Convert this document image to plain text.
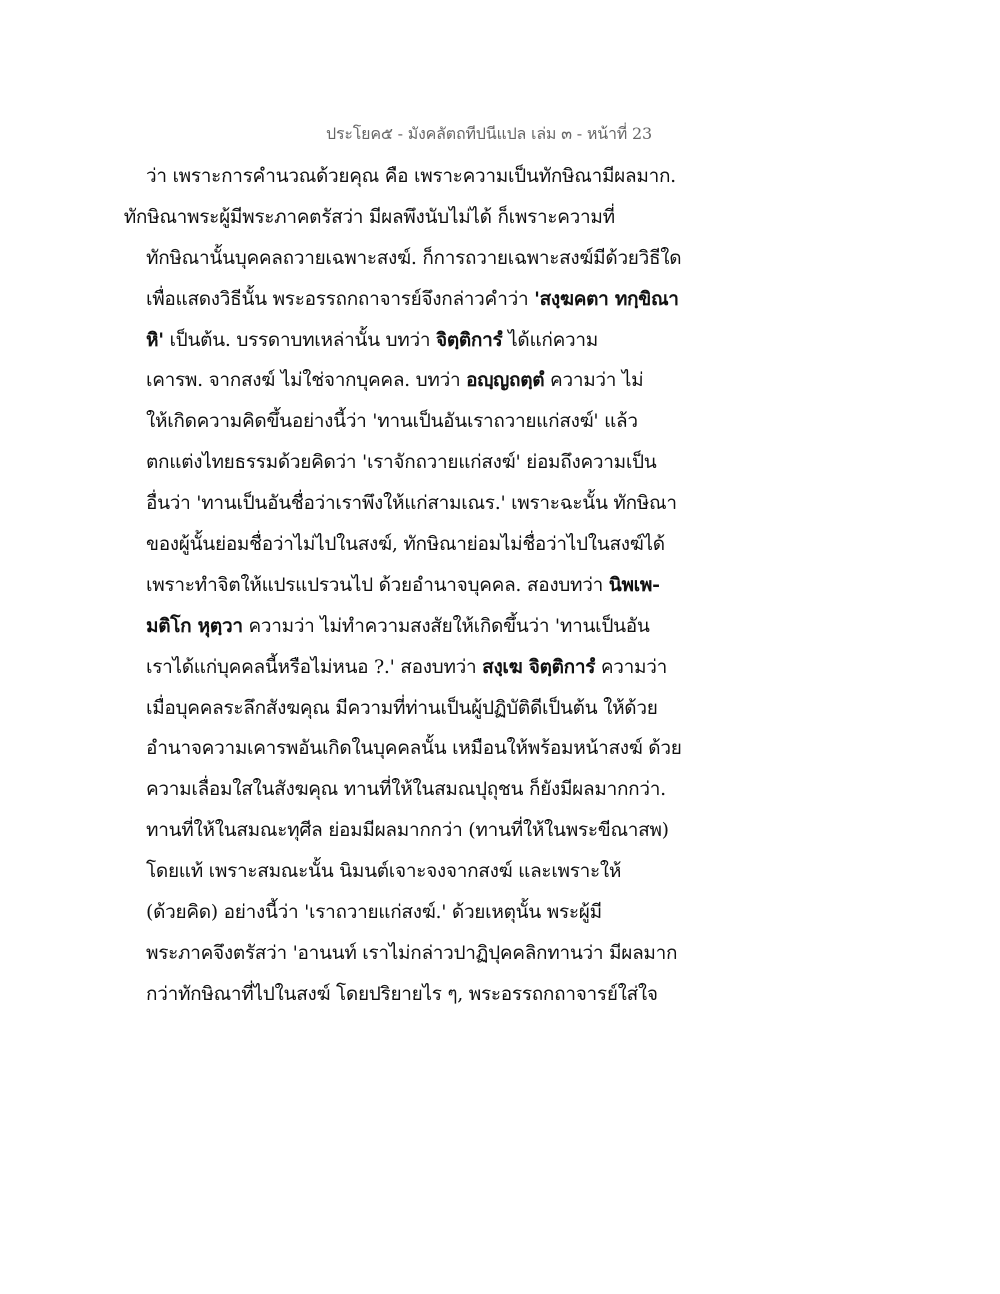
ประโยค๕ - มังคลัตถทีปนีแปล เล่ม ๓ - หน้าที่ 23
ว่า เพราะการคำนวณด้วยคุณ คือ เพราะความเป็นทักษิณามีผลมาก.
ึทักษิณาพระผู้มีพระภาคตรัสว่า มีผลพึงนับไม่ได้ ก็เพราะความที่
ทักษิณานั้นบุคคลถวายเฉพาะสงฆ์. ก็การถวายเฉพาะสงฆ์มีด้วยวิธีใด
เพื่อแสดงวิธีนั้น พระอรรถกถาจารย์จึงกล่าวคำว่า 'สงฺฆคตา ทกฺขิณา
หิ' เป็นต้น. บรรดาบทเหล่านั้น บทว่า จิตฺติการํ ได้แก่ความ
เคารพ. จากสงฆ์ ไม่ใช่จากบุคคล. บทว่า อญฺญถตฺตํ ความว่า ไม่
ให้เกิดความคิดขึ้นอย่างนี้ว่า 'ทานเป็นอันเราถวายแก่สงฆ์' แล้ว
ตกแต่งไทยธรรมด้วยคิดว่า 'เราจักถวายแก่สงฆ์' ย่อมถึงความเป็น
อื่นว่า 'ทานเป็นอันชื่อว่าเราพึงให้แก่สามเณร.' เพราะฉะนั้น ทักษิณา
ของผู้นั้นย่อมชื่อว่าไม่ไปในสงฆ์, ทักษิณาย่อมไม่ชื่อว่าไปในสงฆ์ได้
เพราะทำจิตให้แปรแปรวนไป ด้วยอำนาจบุคคล. สองบทว่า นิพเพ-
มติโก หุตฺวา ความว่า ไม่ทำความสงสัยให้เกิดขึ้นว่า 'ทานเป็นอัน
เราได้แก่บุคคลนี้หรือไม่หนอ ?.' สองบทว่า สงฺเฆ จิตฺติการํ ความว่า
เมื่อบุคคลระลึกสังฆคุณ มีความที่ท่านเป็นผู้ปฏิบัติดีเป็นต้น ให้ด้วย
อำนาจความเคารพอันเกิดในบุคคลนั้น เหมือนให้พร้อมหน้าสงฆ์ ด้วย
ความเลื่อมใสในสังฆคุณ ทานที่ให้ในสมณปุถุชน ก็ยังมีผลมากกว่า.
ทานที่ให้ในสมณะทุศีล ย่อมมีผลมากกว่า (ทานที่ให้ในพระขีณาสพ)
โดยแท้ เพราะสมณะนั้น นิมนต์เจาะจงจากสงฆ์ และเพราะให้
(ด้วยคิด) อย่างนี้ว่า 'เราถวายแก่สงฆ์.' ด้วยเหตุนั้น พระผู้มี
พระภาคจึงตรัสว่า 'อานนท์ เราไม่กล่าวปาฏิปุคคลิกทานว่า มีผลมาก
กว่าทักษิณาที่ไปในสงฆ์ โดยปริยายไร ๆ, พระอรรถกถาจารย์ใส่ใจ
